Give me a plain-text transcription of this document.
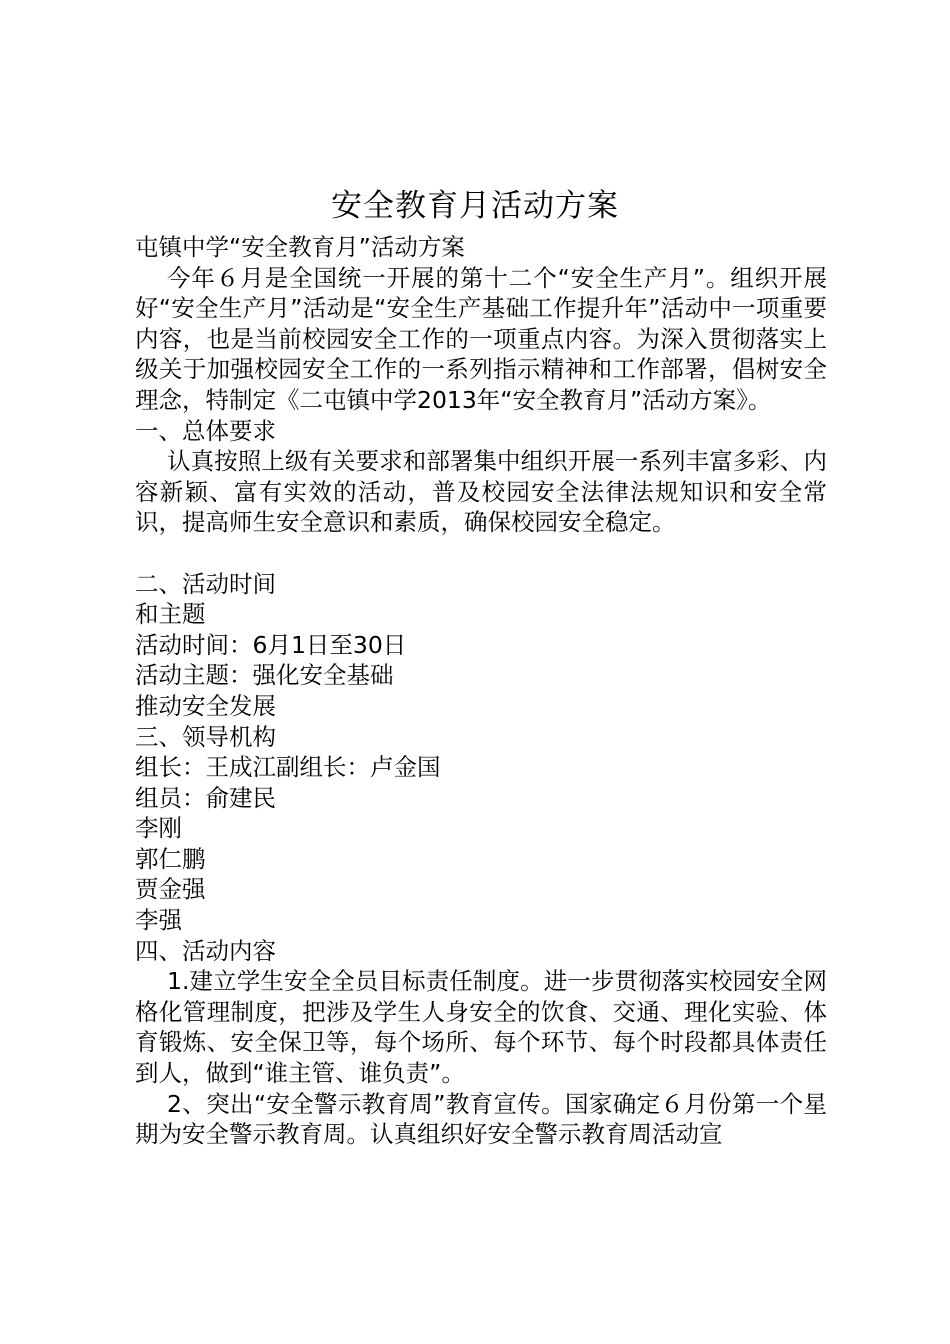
安全教育月活动方案

屯镇中学“安全教育月”活动方案

今年６月是全国统一开展的第十二个“安全生产月”。组织开展好“安全生产月”活动是“安全生产基础工作提升年”活动中一项重要内容，也是当前校园安全工作的一项重点内容。为深入贯彻落实上级关于加强校园安全工作的一系列指示精神和工作部署，倡树安全理念，特制定《二屯镇中学2013年“安全教育月”活动方案》。

一、总体要求

认真按照上级有关要求和部署集中组织开展一系列丰富多彩、内容新颖、富有实效的活动，普及校园安全法律法规知识和安全常识，提高师生安全意识和素质，确保校园安全稳定。

二、活动时间

和主题

活动时间：6月1日至30日

活动主题：强化安全基础

推动安全发展

三、领导机构

组长：王成江副组长：卢金国

组员：俞建民

李刚

郭仁鹏

贾金强

李强

四、活动内容

1.建立学生安全全员目标责任制度。进一步贯彻落实校园安全网格化管理制度，把涉及学生人身安全的饮食、交通、理化实验、体育锻炼、安全保卫等，每个场所、每个环节、每个时段都具体责任到人，做到“谁主管、谁负责”。

2、突出“安全警示教育周”教育宣传。国家确定６月份第一个星期为安全警示教育周。认真组织好安全警示教育周活动宣
